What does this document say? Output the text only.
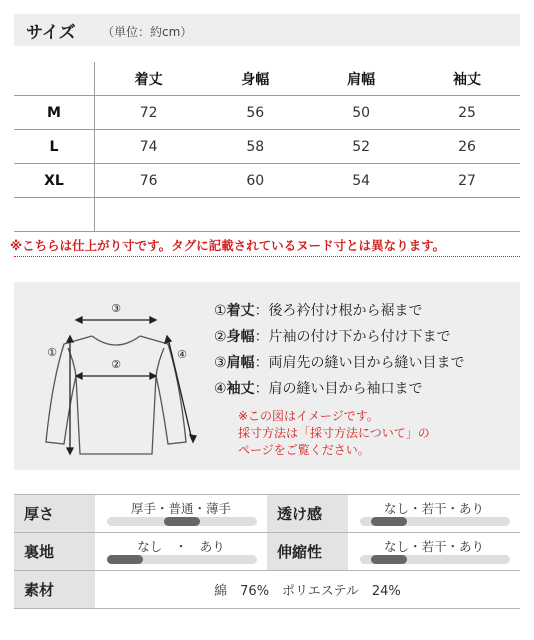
サイズ （単位：約cm）
	着丈	身幅	肩幅	袖丈
M	72	56	50	25
L	74	58	52	26
XL	76	60	54	27

※こちらは仕上がり寸です。タグに記載されているヌード寸とは異なります。
③
②
①	④
①着丈：後ろ衿付け根から裾まで
②身幅：片袖の付け下から付け下まで
③肩幅：両肩先の縫い目から縫い目まで
④袖丈：肩の縫い目から袖口まで
※この図はイメージです。
採寸方法は「採寸方法について」の
ページをご覧ください。
厚さ	厚手・普通・薄手	透け感	なし・若干・あり

裏地	なし　・　あり	伸縮性	なし・若干・あり

素材	綿　76%　ポリエステル　24%		
